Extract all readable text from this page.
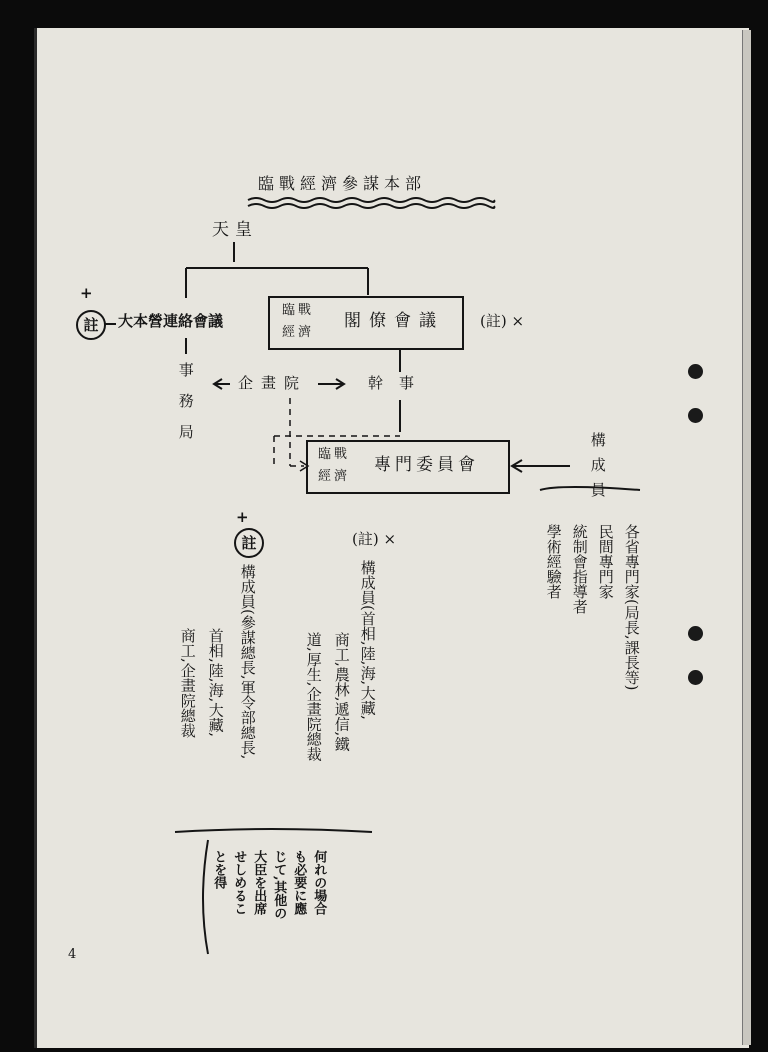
臨戰經濟參謀本部
天皇
註
+
大本營連絡會議
臨戰
經濟
閣僚會議 (註) ×
事務局	企畫院	幹事
臨戰
經濟
專門委員會	構成員
各省專門家(局長,課長等)
民間專門家
統制會指導者
學術經驗者
(註) ×
構成員(首相,陸,海,大藏,
商工,農林,遞信,鐵
道,厚生,企畫院總裁
+
註
構成員(參謀總長,軍令部總長,
首相,陸,海,大藏,
商工,企畫院總裁
何れの場合
も必要に應
じて,其他の
大臣を出席
せしめるこ
とを得
4
